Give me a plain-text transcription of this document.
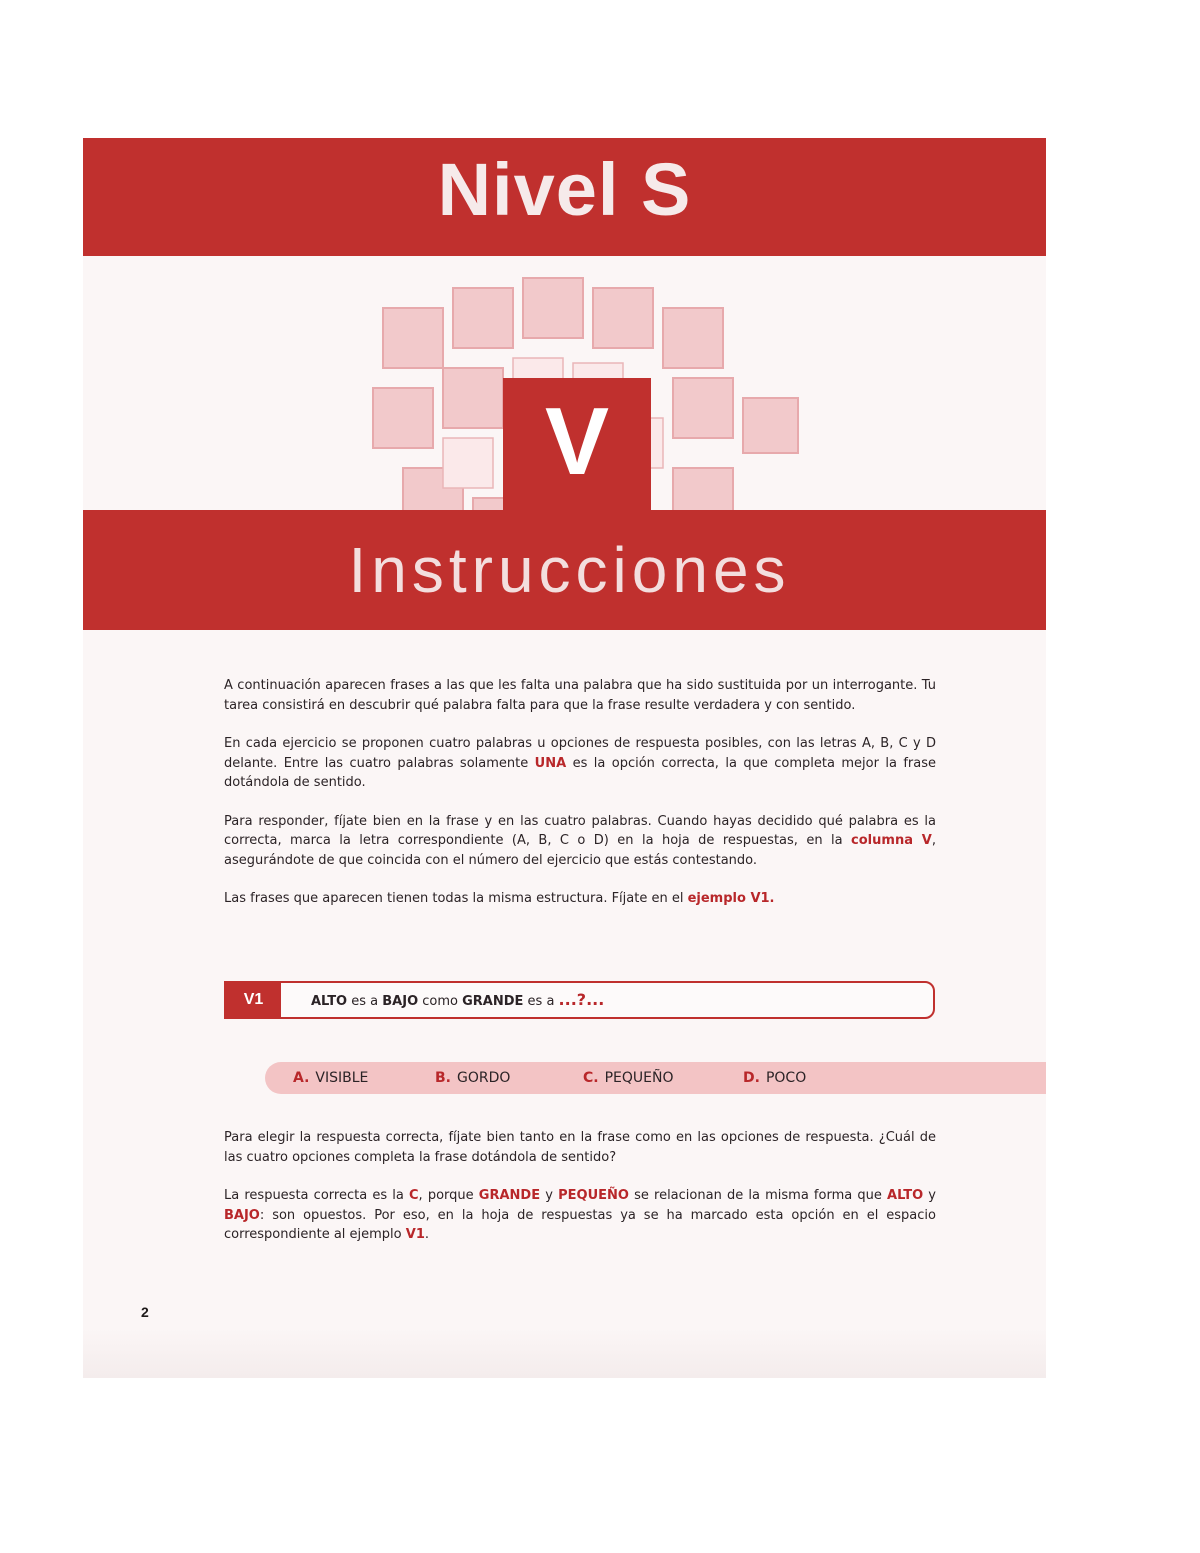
Nivel S
V
Instrucciones

A continuación aparecen frases a las que les falta una palabra que ha sido sustituida por un interrogante. Tu tarea consistirá en descubrir qué palabra falta para que la frase resulte verdadera y con sentido.

En cada ejercicio se proponen cuatro palabras u opciones de respuesta posibles, con las letras A, B, C y D delante. Entre las cuatro palabras solamente UNA es la opción correcta, la que completa mejor la frase dotándola de sentido.

Para responder, fíjate bien en la frase y en las cuatro palabras. Cuando hayas decidido qué palabra es la correcta, marca la letra correspondiente (A, B, C o D) en la hoja de respuestas, en la columna V, asegurándote de que coincida con el número del ejercicio que estás contestando.

Las frases que aparecen tienen todas la misma estructura. Fíjate en el ejemplo V1.

V1	ALTO es a BAJO como GRANDE es a ...?...
A. VISIBLE	B. GORDO	C. PEQUEÑO	D. POCO

Para elegir la respuesta correcta, fíjate bien tanto en la frase como en las opciones de respuesta. ¿Cuál de las cuatro opciones completa la frase dotándola de sentido?

La respuesta correcta es la C, porque GRANDE y PEQUEÑO se relacionan de la misma forma que ALTO y BAJO: son opuestos. Por eso, en la hoja de respuestas ya se ha marcado esta opción en el espacio correspondiente al ejemplo V1.

2
